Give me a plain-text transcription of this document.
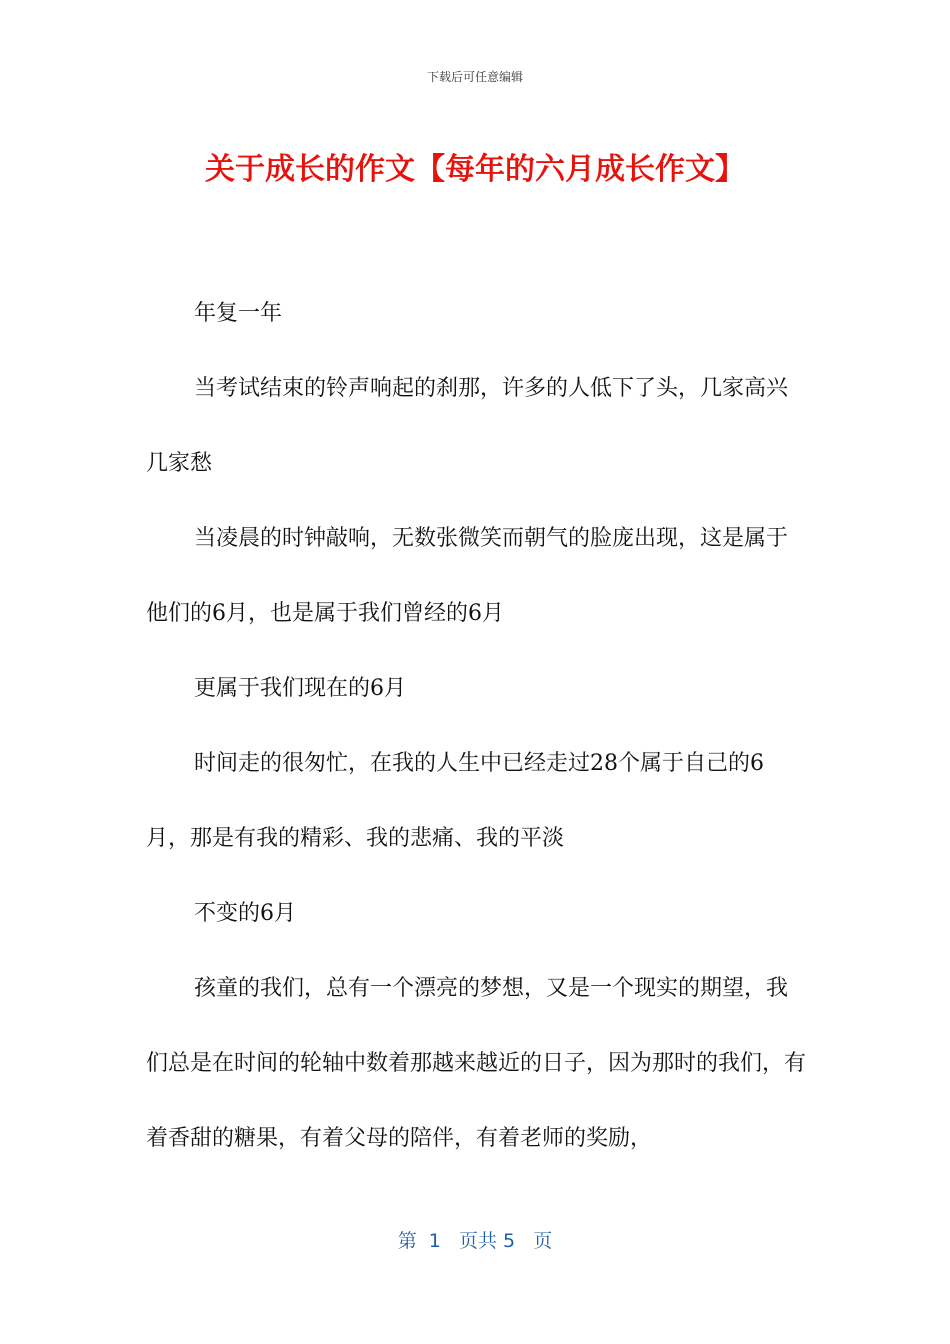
下载后可任意编辑
关于成长的作文【每年的六月成长作文】

年复一年

当考试结束的铃声响起的刹那，许多的人低下了头，几家高兴几家愁

当凌晨的时钟敲响，无数张微笑而朝气的脸庞出现，这是属于他们的6月，也是属于我们曾经的6月

更属于我们现在的6月

时间走的很匆忙，在我的人生中已经走过28个属于自己的6月，那是有我的精彩、我的悲痛、我的平淡

不变的6月

孩童的我们，总有一个漂亮的梦想，又是一个现实的期望，我们总是在时间的轮轴中数着那越来越近的日子，因为那时的我们，有着香甜的糖果，有着父母的陪伴，有着老师的奖励，

第  1   页共 5   页
